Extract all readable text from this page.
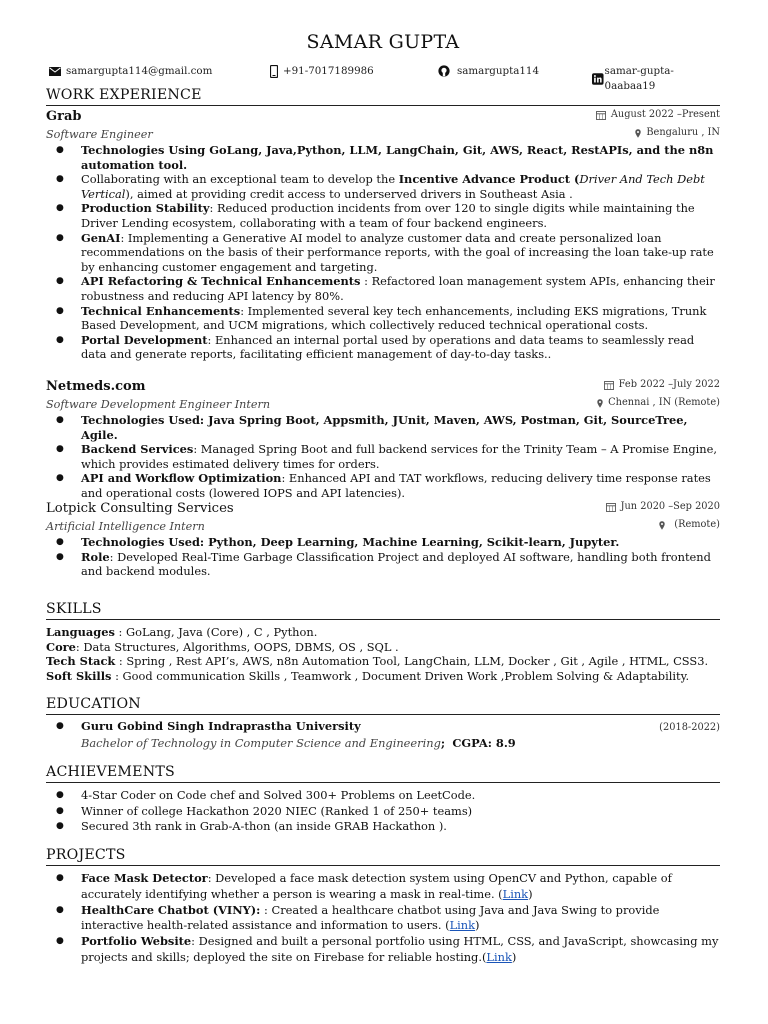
SAMAR GUPTA
samargupta114@gmail.com	+91-7017189986	samargupta114	samar-gupta-0aabaa19
WORK EXPERIENCE
Grab	August 2022 –Present
Software Engineer	Bengaluru , IN
● Technologies Using GoLang, Java,Python, LLM, LangChain, Git, AWS, React, RestAPIs, and the n8n automation tool.
● Collaborating with an exceptional team to develop the Incentive Advance Product (Driver And Tech Debt Vertical), aimed at providing credit access to underserved drivers in Southeast Asia .
● Production Stability: Reduced production incidents from over 120 to single digits while maintaining the Driver Lending ecosystem, collaborating with a team of four backend engineers.
● GenAI: Implementing a Generative AI model to analyze customer data and create personalized loan recommendations on the basis of their performance reports, with the goal of increasing the loan take-up rate by enhancing customer engagement and targeting.
● API Refactoring & Technical Enhancements : Refactored loan management system APIs, enhancing their robustness and reducing API latency by 80%.
● Technical Enhancements: Implemented several key tech enhancements, including EKS migrations, Trunk Based Development, and UCM migrations, which collectively reduced technical operational costs.
● Portal Development: Enhanced an internal portal used by operations and data teams to seamlessly read data and generate reports, facilitating efficient management of day-to-day tasks..
Netmeds.com	Feb 2022 –July 2022
Software Development Engineer Intern	Chennai , IN (Remote)
● Technologies Used: Java Spring Boot, Appsmith, JUnit, Maven, AWS, Postman, Git, SourceTree, Agile.
● Backend Services: Managed Spring Boot and full backend services for the Trinity Team – A Promise Engine, which provides estimated delivery times for orders.
● API and Workflow Optimization: Enhanced API and TAT workflows, reducing delivery time response rates and operational costs (lowered IOPS and API latencies).
Lotpick Consulting Services	Jun 2020 –Sep 2020
Artificial Intelligence Intern	(Remote)
● Technologies Used: Python, Deep Learning, Machine Learning, Scikit-learn, Jupyter.
● Role: Developed Real-Time Garbage Classification Project and deployed AI software, handling both frontend and backend modules.
SKILLS
Languages : GoLang, Java (Core) , C , Python.
Core: Data Structures, Algorithms, OOPS, DBMS, OS , SQL .
Tech Stack : Spring , Rest API’s, AWS, n8n Automation Tool, LangChain, LLM, Docker , Git , Agile , HTML, CSS3.
Soft Skills : Good communication Skills , Teamwork , Document Driven Work ,Problem Solving & Adaptability.
EDUCATION
● Guru Gobind Singh Indraprastha University	(2018-2022)
Bachelor of Technology in Computer Science and Engineering; CGPA: 8.9
ACHIEVEMENTS
● 4-Star Coder on Code chef and Solved 300+ Problems on LeetCode.
● Winner of college Hackathon 2020 NIEC (Ranked 1 of 250+ teams)
● Secured 3th rank in Grab-A-thon (an inside GRAB Hackathon ).
PROJECTS
● Face Mask Detector: Developed a face mask detection system using OpenCV and Python, capable of accurately identifying whether a person is wearing a mask in real-time. (Link)
● HealthCare Chatbot (VINY): : Created a healthcare chatbot using Java and Java Swing to provide interactive health-related assistance and information to users. (Link)
● Portfolio Website: Designed and built a personal portfolio using HTML, CSS, and JavaScript, showcasing my projects and skills; deployed the site on Firebase for reliable hosting.(Link)
